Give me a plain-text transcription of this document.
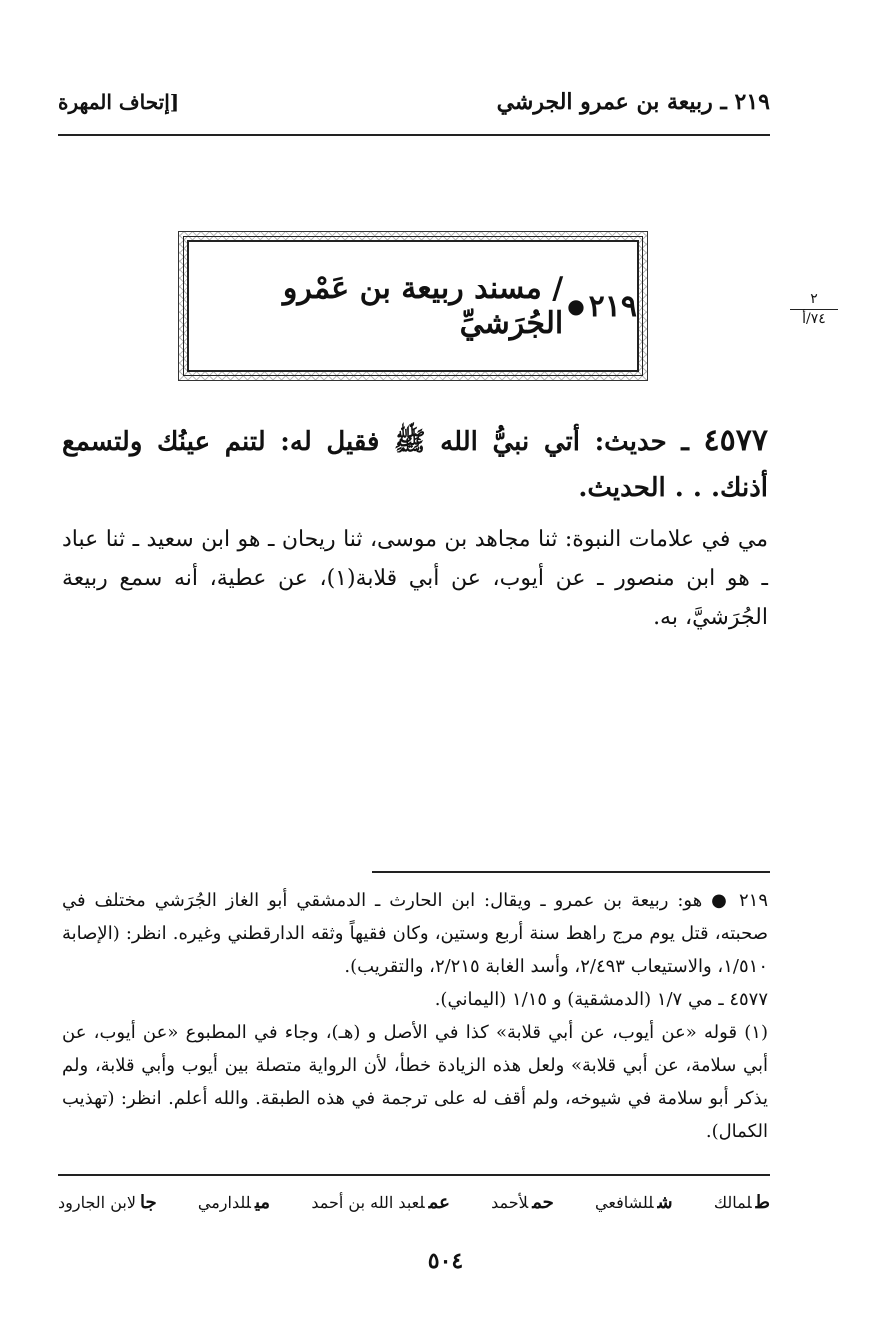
٢١٩ ـ ربيعة بن عمرو الجرشي
[إتحاف المهرة
٢
٧٤/أ
٢١٩
●
/ مسند ربيعة بن عَمْرو الجُرَشيِّ
٤٥٧٧ ـ حديث: أتي نبيُّ الله ﷺ فقيل له: لتنم عينُك ولتسمع أذنك. . . الحديث.
مي في علامات النبوة: ثنا مجاهد بن موسى، ثنا ريحان ـ هو ابن سعيد ـ ثنا عباد ـ هو ابن منصور ـ عن أيوب، عن أبي قلابة(١)، عن عطية، أنه سمع ربيعة الجُرَشيَّ، به.

٢١٩ ● هو: ربيعة بن عمرو ـ ويقال: ابن الحارث ـ الدمشقي أبو الغاز الجُرَشي مختلف في صحبته، قتل يوم مرج راهط سنة أربع وستين، وكان فقيهاً وثقه الدارقطني وغيره. انظر: (الإصابة ١/٥١٠، والاستيعاب ٢/٤٩٣، وأسد الغابة ٢/٢١٥، والتقريب).

٤٥٧٧ ـ مي ١/٧ (الدمشقية) و ١/١٥ (اليماني).

(١) قوله «عن أيوب، عن أبي قلابة» كذا في الأصل و (هـ)، وجاء في المطبوع «عن أيوب، عن أبي سلامة، عن أبي قلابة» ولعل هذه الزيادة خطأ، لأن الرواية متصلة بين أيوب وأبي قلابة، ولم يذكر أبو سلامة في شيوخه، ولم أقف له على ترجمة في هذه الطبقة. والله أعلم. انظر: (تهذيب الكمال).

طلمالك
شللشافعي
حملأحمد
عملعبد الله بن أحمد
ميللدارمي
جالابن الجارود
٥٠٤
